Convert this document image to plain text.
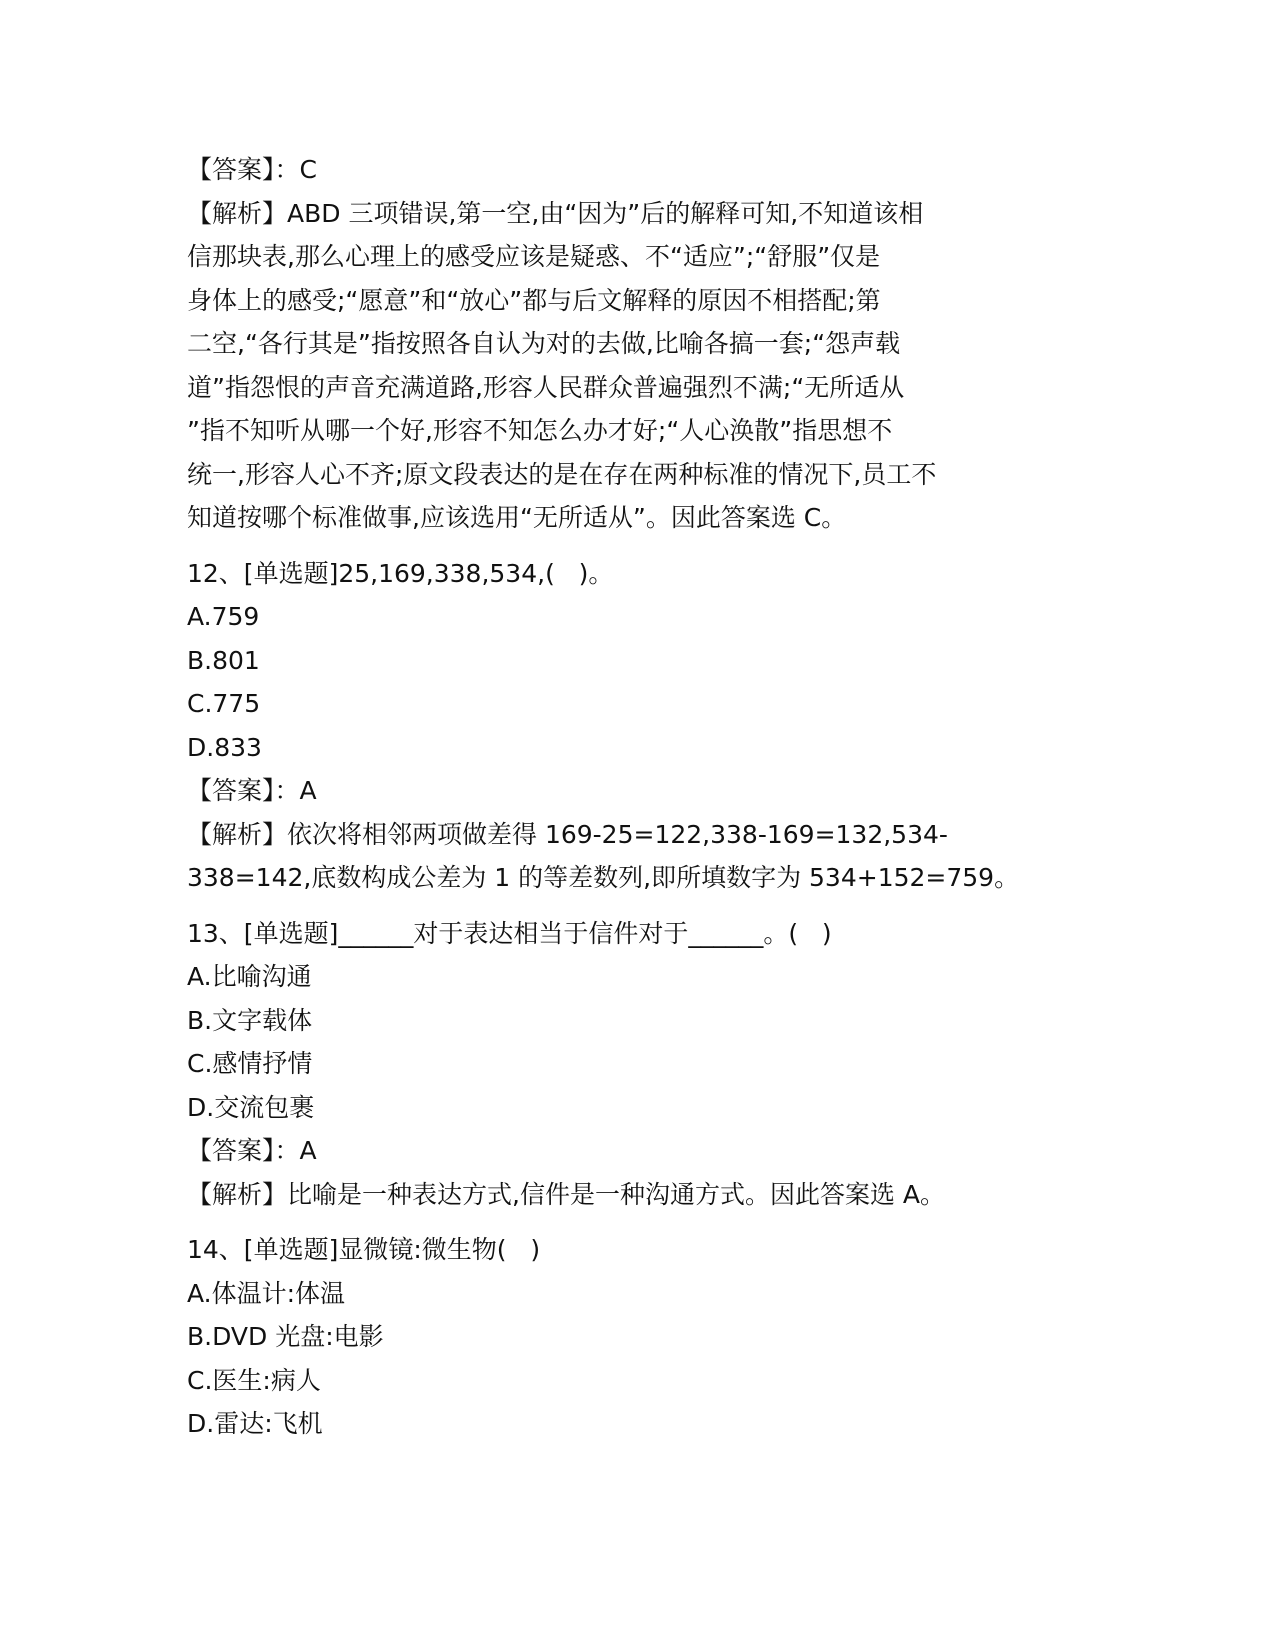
【答案】：C

【解析】ABD 三项错误,第一空,由“因为”后的解释可知,不知道该相

信那块表,那么心理上的感受应该是疑惑、不“适应”;“舒服”仅是

身体上的感受;“愿意”和“放心”都与后文解释的原因不相搭配;第

二空,“各行其是”指按照各自认为对的去做,比喻各搞一套;“怨声载

道”指怨恨的声音充满道路,形容人民群众普遍强烈不满;“无所适从

”指不知听从哪一个好,形容不知怎么办才好;“人心涣散”指思想不

统一,形容人心不齐;原文段表达的是在存在两种标准的情况下,员工不

知道按哪个标准做事,应该选用“无所适从”。因此答案选 C。

12、[单选题]25,169,338,534,(   )。

A.759

B.801

C.775

D.833

【答案】：A

【解析】依次将相邻两项做差得 169-25=122,338-169=132,534-

338=142,底数构成公差为 1 的等差数列,即所填数字为 534+152=759。

13、[单选题]______对于表达相当于信件对于______。(   )

A.比喻沟通

B.文字载体

C.感情抒情

D.交流包裹

【答案】：A

【解析】比喻是一种表达方式,信件是一种沟通方式。因此答案选 A。

14、[单选题]显微镜:微生物(   )

A.体温计:体温

B.DVD 光盘:电影

C.医生:病人

D.雷达:飞机
